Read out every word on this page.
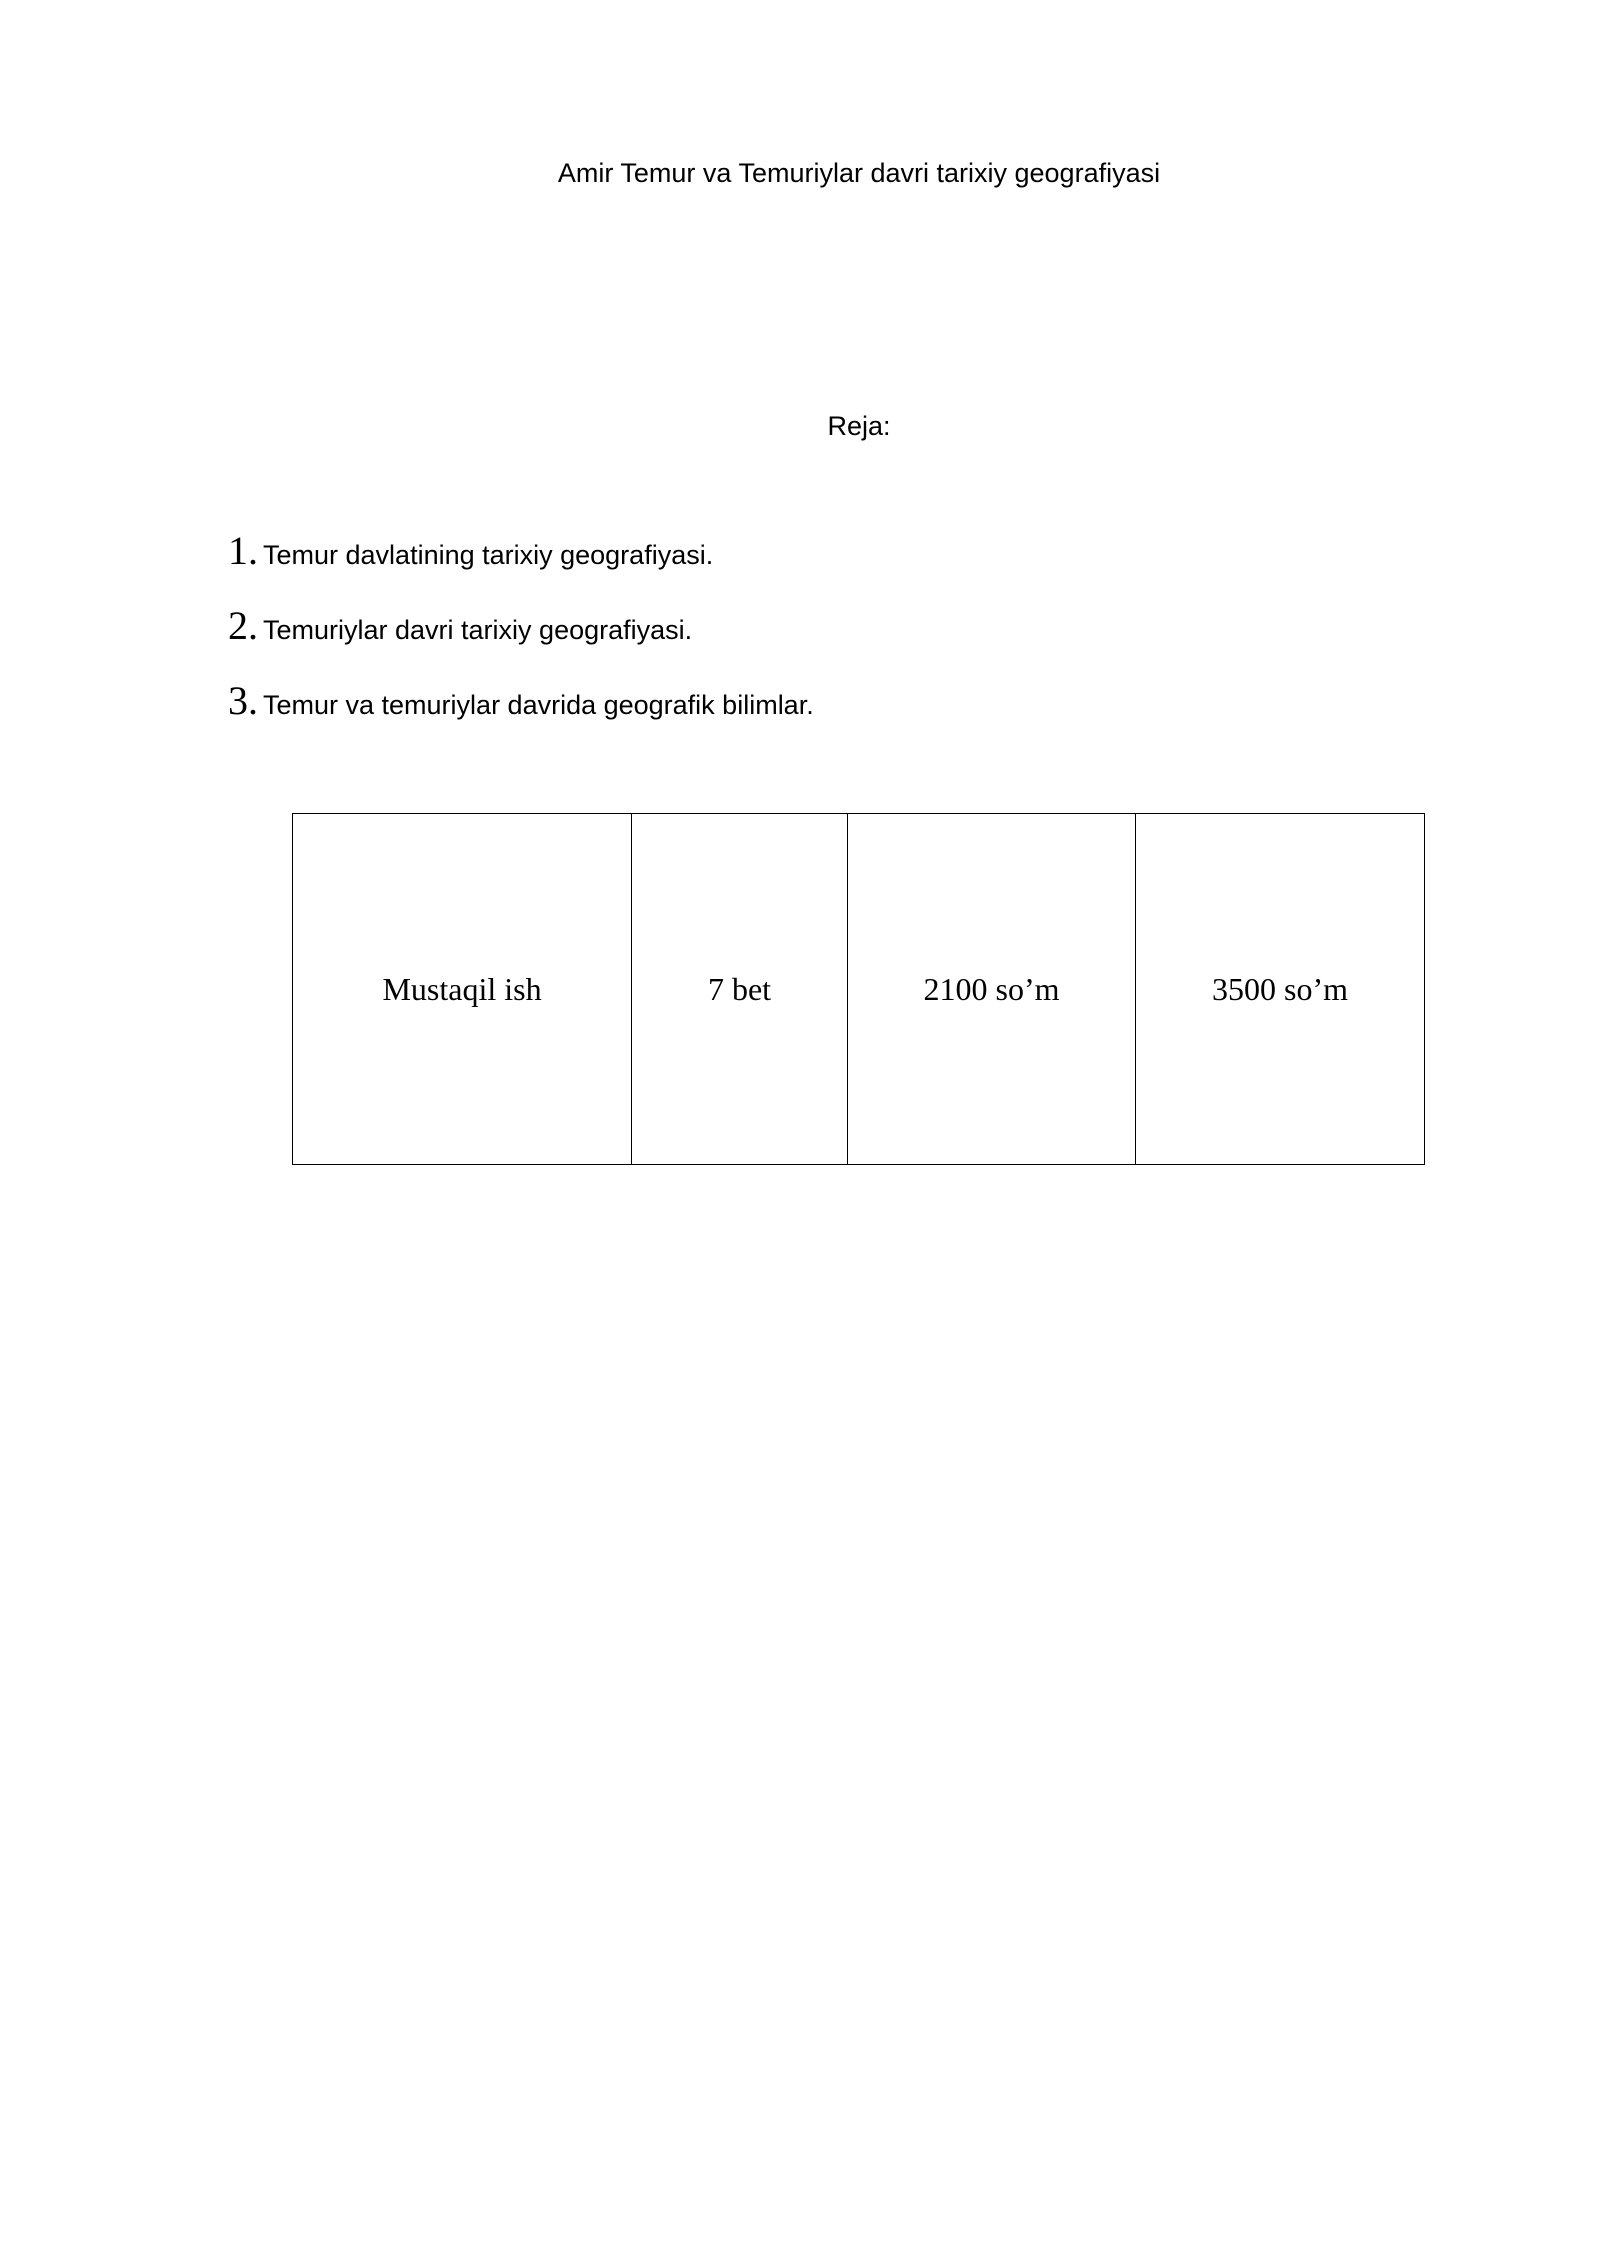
Amir Temur va Temuriylar davri tarixiy geografiyasi
Reja:
1. Temur davlatining tarixiy geografiyasi.
2. Temuriylar davri tarixiy geografiyasi.
3. Temur va temuriylar davrida geografik bilimlar.
Mustaqil ish	7 bet	2100 so’m	3500 so’m
